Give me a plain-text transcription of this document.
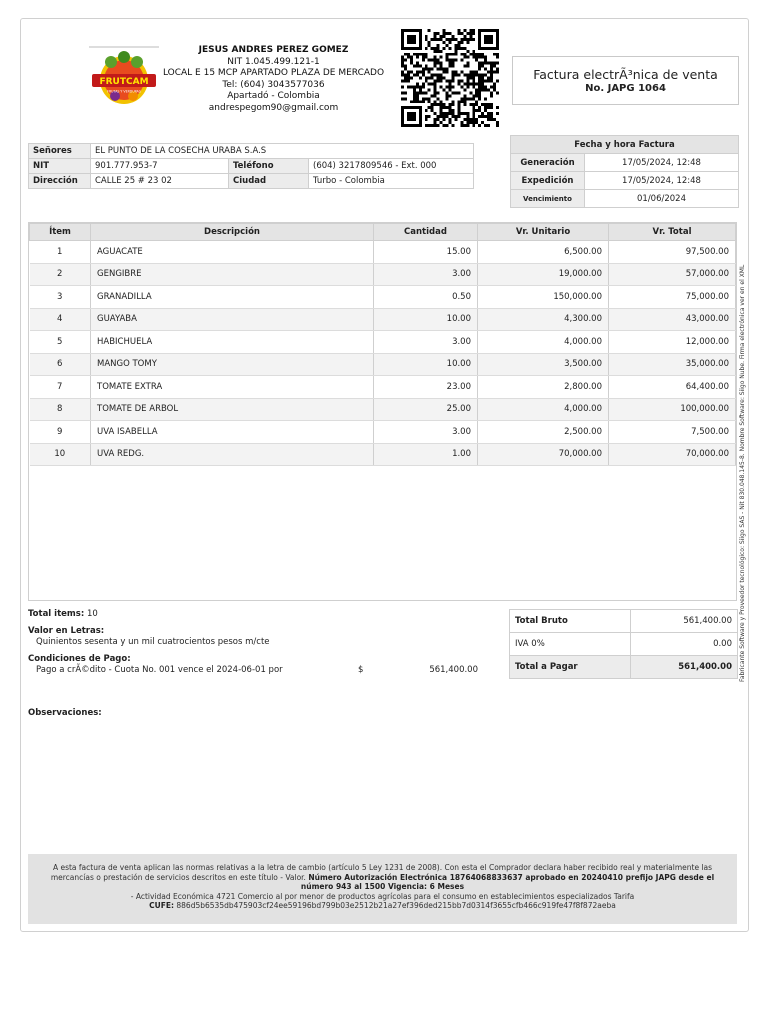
FRUTCAM
FRUTAS Y VERDURAS
JESUS ANDRES PEREZ GOMEZ
NIT 1.045.499.121-1
LOCAL E 15 MCP APARTADO PLAZA DE MERCADO
Tel: (604) 3043577036
Apartadó - Colombia
andrespegom90@gmail.com
Factura electrÃ³nica de venta
No. JAPG 1064
Señores	EL PUNTO DE LA COSECHA URABA S.A.S		
NIT	901.777.953-7	Teléfono	(604) 3217809546 - Ext. 000
Dirección	CALLE 25 # 23 02	Ciudad	Turbo - Colombia
Fecha y hora Factura	
Generación	17/05/2024, 12:48
Expedición	17/05/2024, 12:48
Vencimiento	01/06/2024
Ítem	Descripción	Cantidad	Vr. Unitario	Vr. Total
1	AGUACATE	15.00	6,500.00	97,500.00
2	GENGIBRE	3.00	19,000.00	57,000.00
3	GRANADILLA	0.50	150,000.00	75,000.00
4	GUAYABA	10.00	4,300.00	43,000.00
5	HABICHUELA	3.00	4,000.00	12,000.00
6	MANGO TOMY	10.00	3,500.00	35,000.00
7	TOMATE EXTRA	23.00	2,800.00	64,400.00
8	TOMATE DE ARBOL	25.00	4,000.00	100,000.00
9	UVA ISABELLA	3.00	2,500.00	7,500.00
10	UVA REDG.	1.00	70,000.00	70,000.00
Total items: 10
Valor en Letras:
Quinientos sesenta y un mil cuatrocientos pesos m/cte
Condiciones de Pago:
Pago a crÃ©dito - Cuota No. 001 vence el 2024-06-01 por	$	561,400.00
Total Bruto	561,400.00
IVA 0%	0.00
Total a Pagar	561,400.00
Observaciones:
A esta factura de venta aplican las normas relativas a la letra de cambio (artículo 5 Ley 1231 de 2008). Con esta el Comprador declara haber recibido real y materialmente las mercancías o prestación de servicios descritos en este título - Valor. Número Autorización Electrónica 18764068833637 aprobado en 20240410 prefijo JAPG desde el número 943 al 1500 Vigencia: 6 Meses
- Actividad Económica 4721 Comercio al por menor de productos agrícolas para el consumo en establecimientos especializados Tarifa
CUFE: 886d5b6535db475903cf24ee59196bd799b03e2512b21a27ef396ded215bb7d0314f3655cfb466c919fe47f8f872aeba
Fabricante Software y Proveedor tecnológico: Siigo SAS - Nit 830.048.145-8. Nombre Software: Siigo Nube. Firma electrónica ver en el XML
